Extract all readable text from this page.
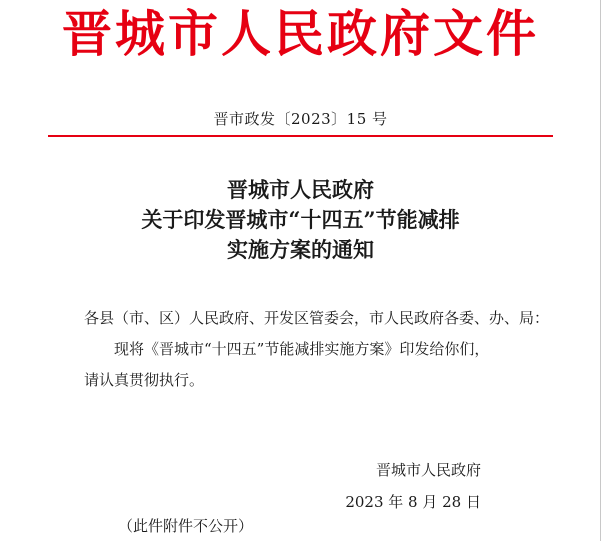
晋城市人民政府文件
晋市政发〔2023〕15 号
晋城市人民政府
关于印发晋城市“十四五”节能减排
实施方案的通知
各县（市、区）人民政府、开发区管委会，市人民政府各委、办、局：
现将《晋城市“十四五”节能减排实施方案》印发给你们，
请认真贯彻执行。
晋城市人民政府
2023 年 8 月 28 日
（此件附件不公开）
